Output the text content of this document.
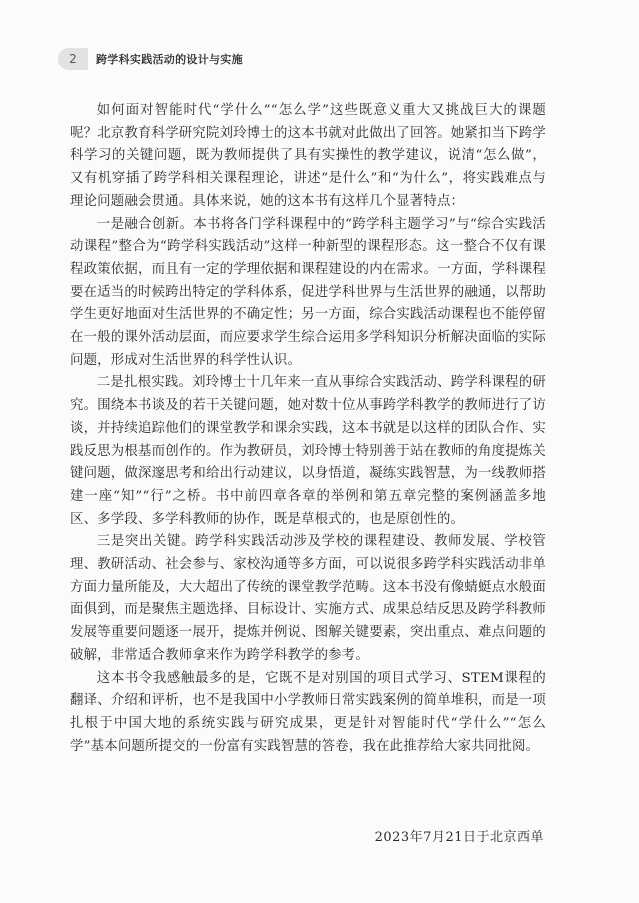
2	跨学科实践活动的设计与实施

如何面对智能时代“学什么”“怎么学”这些既意义重大又挑战巨大的课题呢？北京教育科学研究院刘玲博士的这本书就对此做出了回答。她紧扣当下跨学科学习的关键问题，既为教师提供了具有实操性的教学建议，说清“怎么做”，又有机穿插了跨学科相关课程理论，讲述“是什么”和“为什么”，将实践难点与理论问题融会贯通。具体来说，她的这本书有这样几个显著特点：

一是融合创新。本书将各门学科课程中的“跨学科主题学习”与“综合实践活动课程”整合为“跨学科实践活动”这样一种新型的课程形态。这一整合不仅有课程政策依据，而且有一定的学理依据和课程建设的内在需求。一方面，学科课程要在适当的时候跨出特定的学科体系，促进学科世界与生活世界的融通，以帮助学生更好地面对生活世界的不确定性；另一方面，综合实践活动课程也不能停留在一般的课外活动层面，而应要求学生综合运用多学科知识分析解决面临的实际问题，形成对生活世界的科学性认识。

二是扎根实践。刘玲博士十几年来一直从事综合实践活动、跨学科课程的研究。围绕本书谈及的若干关键问题，她对数十位从事跨学科教学的教师进行了访谈，并持续追踪他们的课堂教学和课余实践，这本书就是以这样的团队合作、实践反思为根基而创作的。作为教研员，刘玲博士特别善于站在教师的角度提炼关键问题，做深邃思考和给出行动建议，以身悟道，凝练实践智慧，为一线教师搭建一座“知”“行”之桥。书中前四章各章的举例和第五章完整的案例涵盖多地区、多学段、多学科教师的协作，既是草根式的，也是原创性的。

三是突出关键。跨学科实践活动涉及学校的课程建设、教师发展、学校管理、教研活动、社会参与、家校沟通等多方面，可以说很多跨学科实践活动非单方面力量所能及，大大超出了传统的课堂教学范畴。这本书没有像蜻蜓点水般面面俱到，而是聚焦主题选择、目标设计、实施方式、成果总结反思及跨学科教师发展等重要问题逐一展开，提炼并例说、图解关键要素，突出重点、难点问题的破解，非常适合教师拿来作为跨学科教学的参考。

这本书令我感触最多的是，它既不是对别国的项目式学习、STEM课程的翻译、介绍和评析，也不是我国中小学教师日常实践案例的简单堆积，而是一项扎根于中国大地的系统实践与研究成果，更是针对智能时代“学什么”“怎么学”基本问题所提交的一份富有实践智慧的答卷，我在此推荐给大家共同批阅。

2023年7月21日于北京西单
